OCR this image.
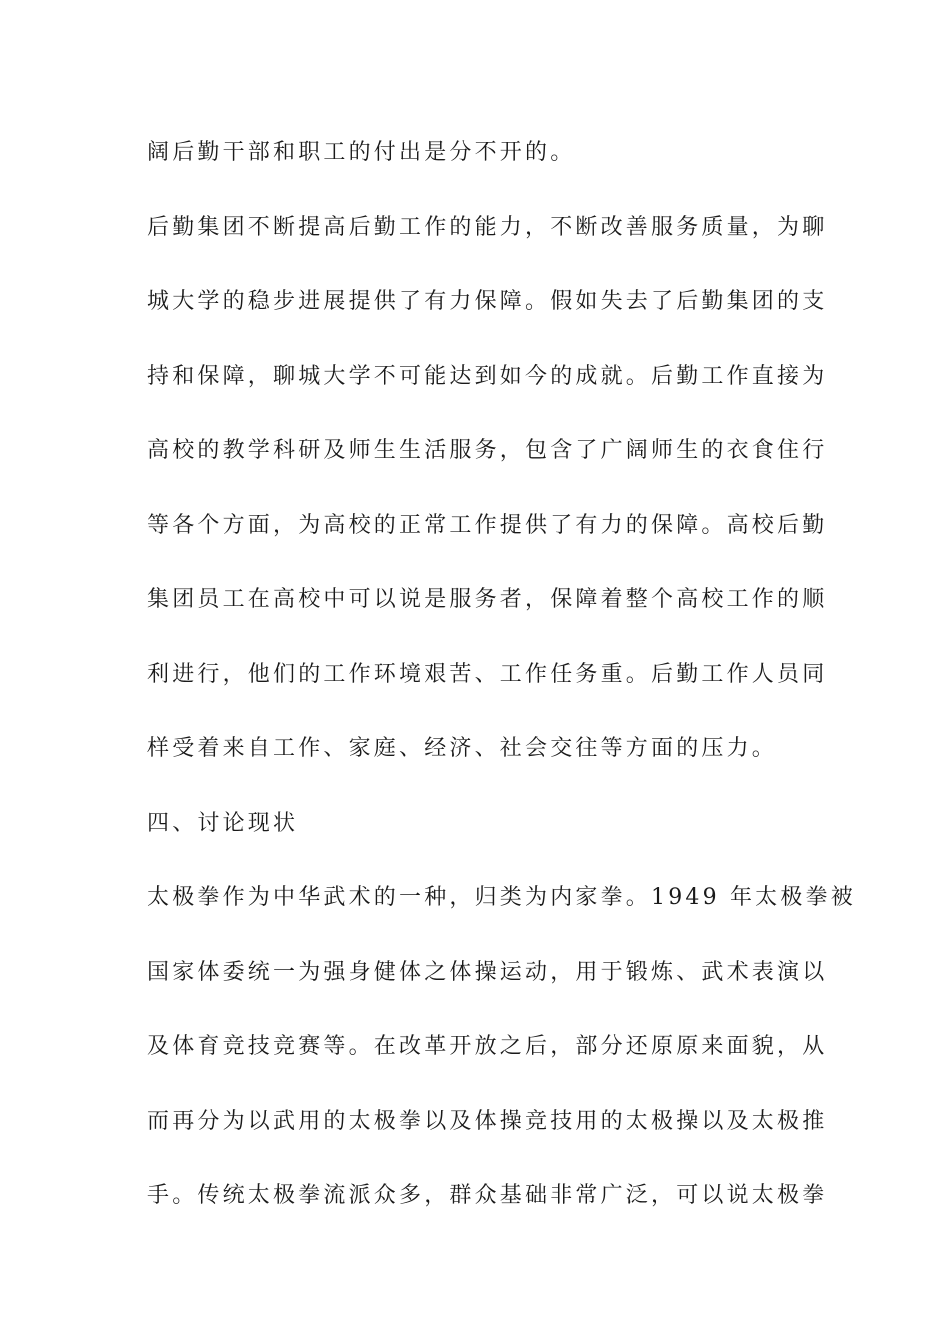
阔后勤干部和职工的付出是分不开的。
后勤集团不断提高后勤工作的能力，不断改善服务质量，为聊
城大学的稳步进展提供了有力保障。假如失去了后勤集团的支
持和保障，聊城大学不可能达到如今的成就。后勤工作直接为
高校的教学科研及师生生活服务，包含了广阔师生的衣食住行
等各个方面，为高校的正常工作提供了有力的保障。高校后勤
集团员工在高校中可以说是服务者，保障着整个高校工作的顺
利进行，他们的工作环境艰苦、工作任务重。后勤工作人员同
样受着来自工作、家庭、经济、社会交往等方面的压力。
四、讨论现状
太极拳作为中华武术的一种，归类为内家拳。1949 年太极拳被
国家体委统一为强身健体之体操运动，用于锻炼、武术表演以
及体育竞技竞赛等。在改革开放之后，部分还原原来面貌，从
而再分为以武用的太极拳以及体操竞技用的太极操以及太极推
手。传统太极拳流派众多，群众基础非常广泛，可以说太极拳
